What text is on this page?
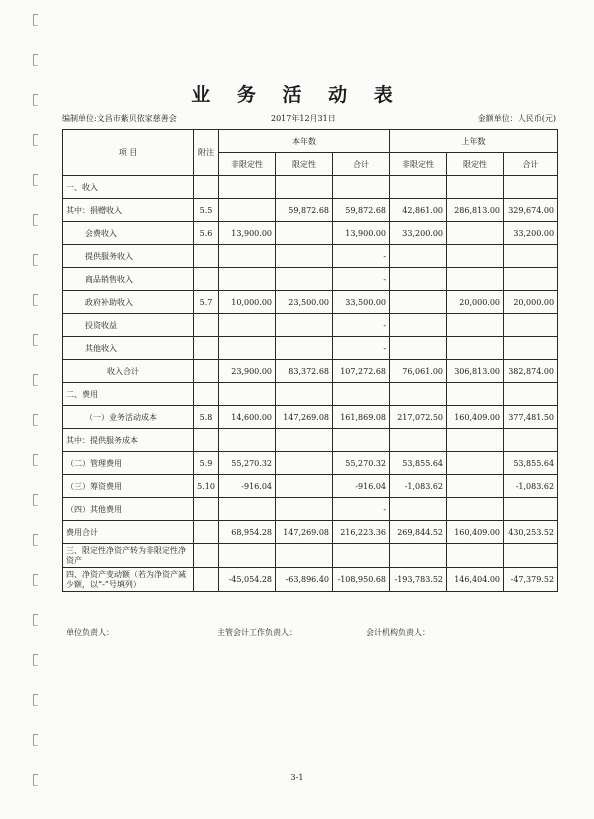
业 务 活 动 表
编制单位:文昌市紫贝依家慈善会	2017年12月31日	金额单位：人民币(元)
项 目	附注	本年数			上年数		
		非限定性	限定性	合计	非限定性	限定性	合计
一、收入							
其中：捐赠收入	5.5		59,872.68	59,872.68	42,861.00	286,813.00	329,674.00
会费收入	5.6	13,900.00		13,900.00	33,200.00		33,200.00
提供服务收入				-			
商品销售收入				-			
政府补助收入	5.7	10,000.00	23,500.00	33,500.00		20,000.00	20,000.00
投资收益				-			
其他收入				-			
收入合计		23,900.00	83,372.68	107,272.68	76,061.00	306,813.00	382,874.00
二、费用							
（一）业务活动成本	5.8	14,600.00	147,269.08	161,869.08	217,072.50	160,409.00	377,481.50
其中：提供服务成本							
（二）管理费用	5.9	55,270.32		55,270.32	53,855.64		53,855.64
（三）筹资费用	5.10	-916.04		-916.04	-1,083.62		-1,083.62
（四）其他费用				-			
费用合计		68,954.28	147,269.08	216,223.36	269,844.52	160,409.00	430,253.52
三、限定性净资产转为非限定性净资产							
四、净资产变动额（若为净资产减少额，以“-”号填列）		-45,054.28	-63,896.40	-108,950.68	-193,783.52	146,404.00	-47,379.52
单位负责人：	主管会计工作负责人：	会计机构负责人：
3-1
